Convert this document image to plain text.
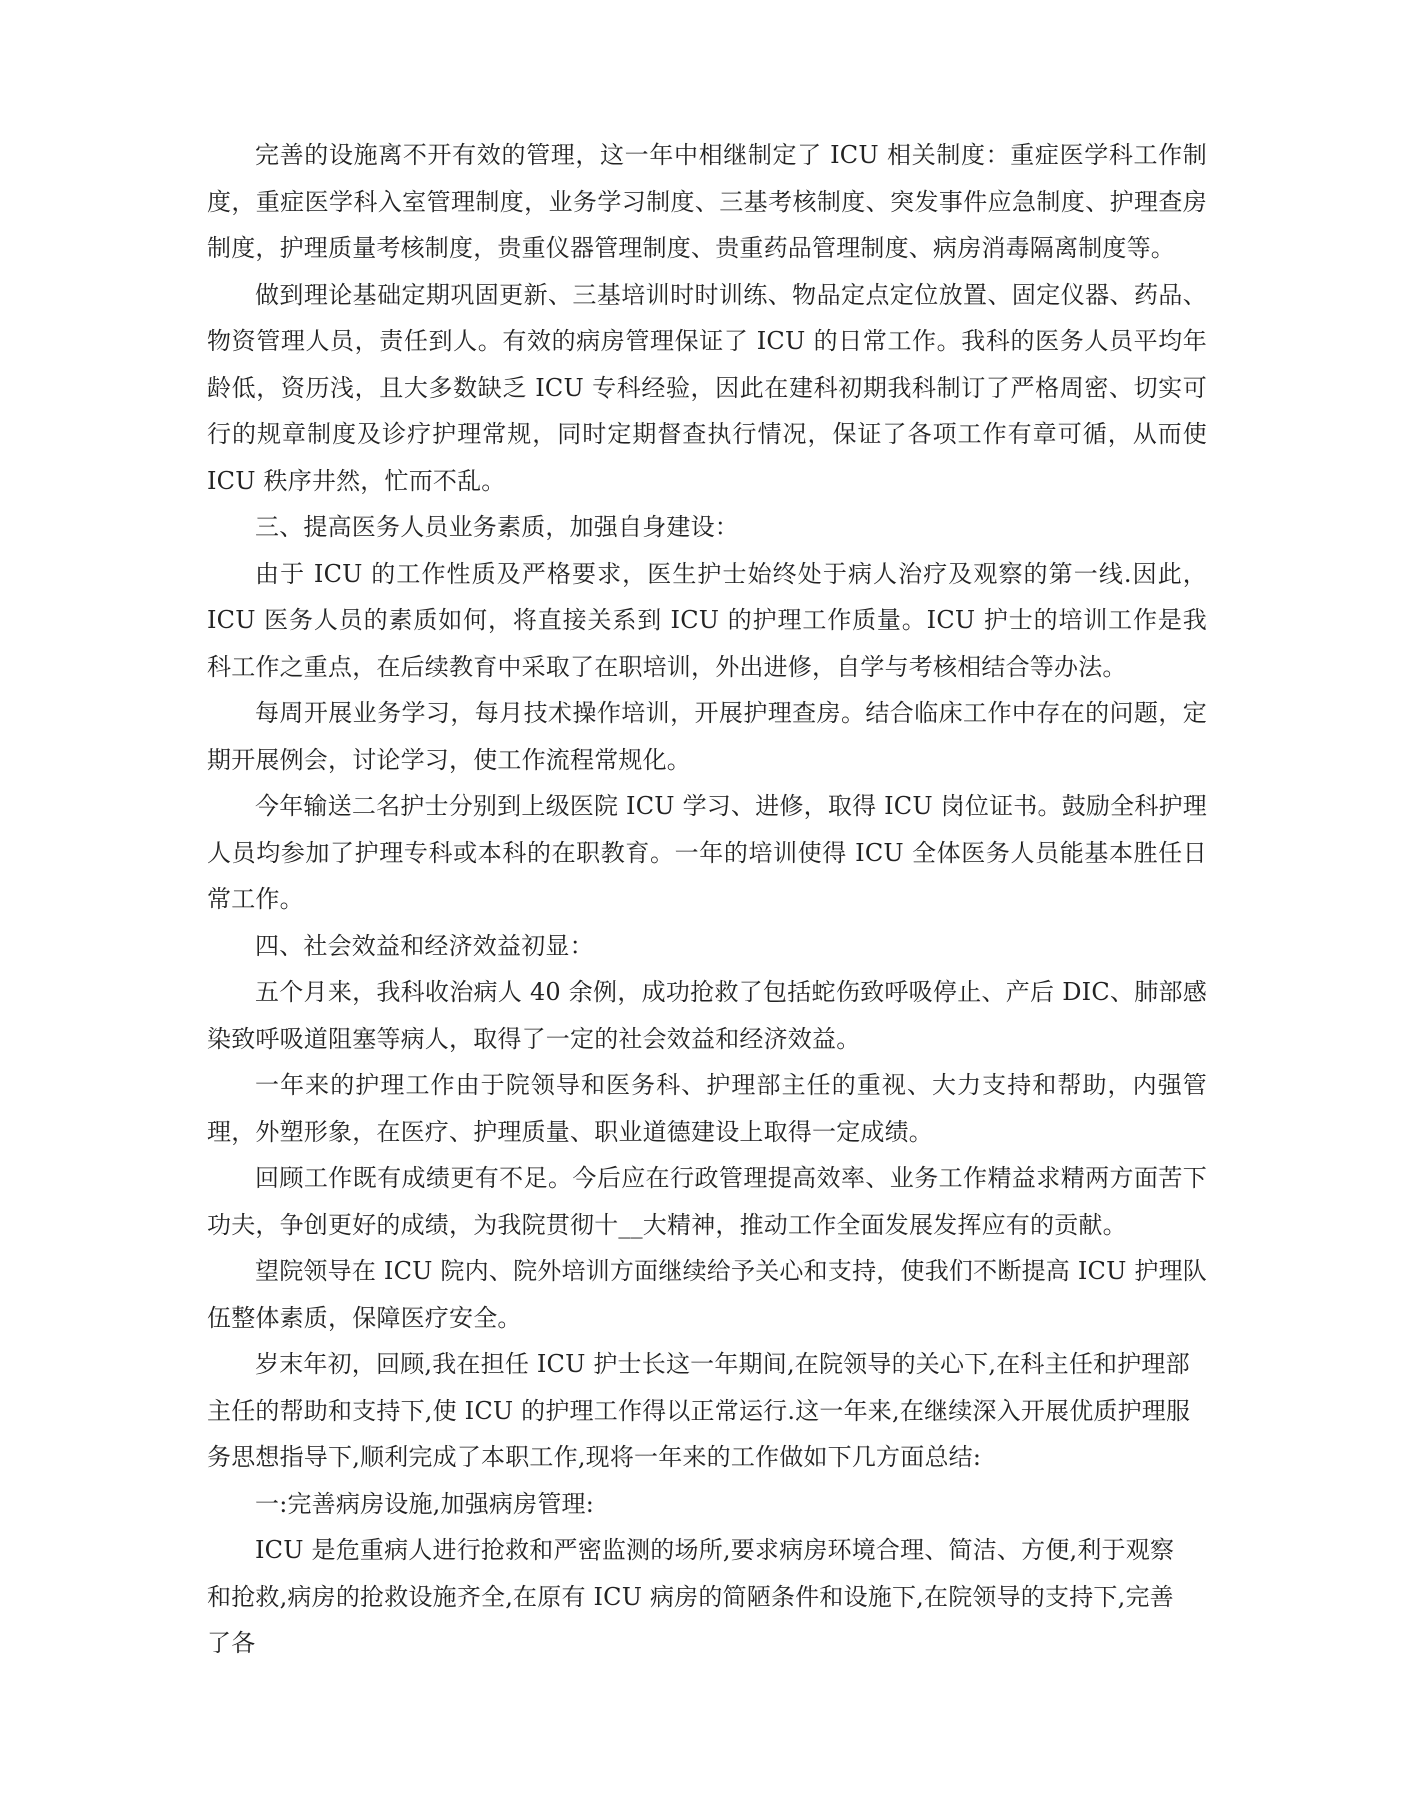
完善的设施离不开有效的管理，这一年中相继制定了 ICU 相关制度：重症医学科工作制度，重症医学科入室管理制度，业务学习制度、三基考核制度、突发事件应急制度、护理查房制度，护理质量考核制度，贵重仪器管理制度、贵重药品管理制度、病房消毒隔离制度等。

做到理论基础定期巩固更新、三基培训时时训练、物品定点定位放置、固定仪器、药品、物资管理人员，责任到人。有效的病房管理保证了 ICU 的日常工作。我科的医务人员平均年龄低，资历浅，且大多数缺乏 ICU 专科经验，因此在建科初期我科制订了严格周密、切实可行的规章制度及诊疗护理常规，同时定期督查执行情况，保证了各项工作有章可循，从而使 ICU 秩序井然，忙而不乱。

三、提高医务人员业务素质，加强自身建设：

由于 ICU 的工作性质及严格要求，医生护士始终处于病人治疗及观察的第一线.因此，ICU 医务人员的素质如何，将直接关系到 ICU 的护理工作质量。ICU 护士的培训工作是我科工作之重点，在后续教育中采取了在职培训，外出进修，自学与考核相结合等办法。

每周开展业务学习，每月技术操作培训，开展护理查房。结合临床工作中存在的问题，定期开展例会，讨论学习，使工作流程常规化。

今年输送二名护士分别到上级医院 ICU 学习、进修，取得 ICU 岗位证书。鼓励全科护理人员均参加了护理专科或本科的在职教育。一年的培训使得 ICU 全体医务人员能基本胜任日常工作。

四、社会效益和经济效益初显：

五个月来，我科收治病人 40 余例，成功抢救了包括蛇伤致呼吸停止、产后 DIC、肺部感染致呼吸道阻塞等病人，取得了一定的社会效益和经济效益。

一年来的护理工作由于院领导和医务科、护理部主任的重视、大力支持和帮助，内强管理，外塑形象，在医疗、护理质量、职业道德建设上取得一定成绩。

回顾工作既有成绩更有不足。今后应在行政管理提高效率、业务工作精益求精两方面苦下功夫，争创更好的成绩，为我院贯彻十__大精神，推动工作全面发展发挥应有的贡献。

望院领导在 ICU 院内、院外培训方面继续给予关心和支持，使我们不断提高 ICU 护理队伍整体素质，保障医疗安全。

岁末年初，回顾,我在担任 ICU 护士长这一年期间,在院领导的关心下,在科主任和护理部主任的帮助和支持下,使 ICU 的护理工作得以正常运行.这一年来,在继续深入开展优质护理服务思想指导下,顺利完成了本职工作,现将一年来的工作做如下几方面总结:

一:完善病房设施,加强病房管理:

ICU 是危重病人进行抢救和严密监测的场所,要求病房环境合理、简洁、方便,利于观察和抢救,病房的抢救设施齐全,在原有 ICU 病房的简陋条件和设施下,在院领导的支持下,完善了各
